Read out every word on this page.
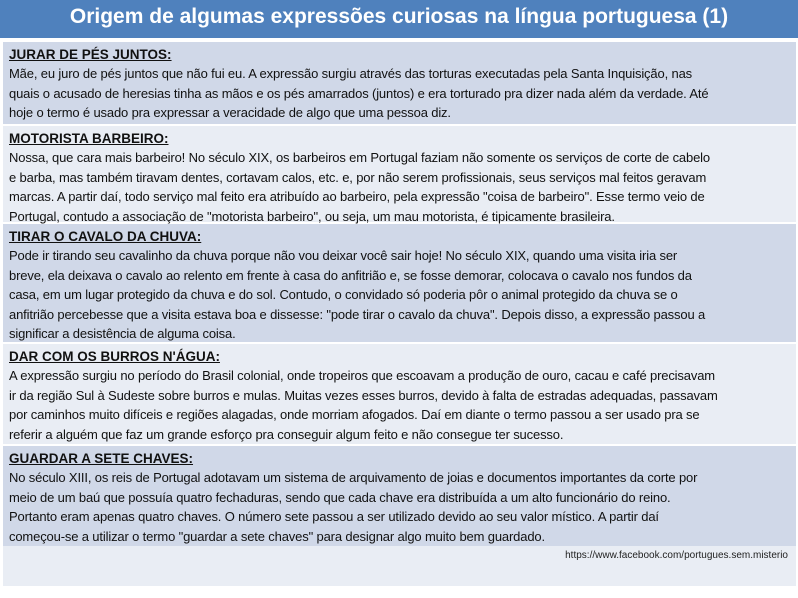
Origem de algumas expressões curiosas na língua portuguesa (1)
JURAR DE PÉS JUNTOS:
Mãe, eu juro de pés juntos que não fui eu. A expressão surgiu através das torturas executadas pela Santa Inquisição, nas
quais o acusado de heresias tinha as mãos e os pés amarrados (juntos) e era torturado pra dizer nada além da verdade. Até
hoje o termo é usado pra expressar a veracidade de algo que uma pessoa diz.
MOTORISTA BARBEIRO:
Nossa, que cara mais barbeiro! No século XIX, os barbeiros em Portugal faziam não somente os serviços de corte de cabelo
e barba, mas também tiravam dentes, cortavam calos, etc. e, por não serem profissionais, seus serviços mal feitos geravam
marcas. A partir daí, todo serviço mal feito era atribuído ao barbeiro, pela expressão "coisa de barbeiro". Esse termo veio de
Portugal, contudo a associação de "motorista barbeiro", ou seja, um mau motorista, é tipicamente brasileira.
TIRAR O CAVALO DA CHUVA:
Pode ir tirando seu cavalinho da chuva porque não vou deixar você sair hoje! No século XIX, quando uma visita iria ser
breve, ela deixava o cavalo ao relento em frente à casa do anfitrião e, se fosse demorar, colocava o cavalo nos fundos da
casa, em um lugar protegido da chuva e do sol. Contudo, o convidado só poderia pôr o animal protegido da chuva se o
anfitrião percebesse que a visita estava boa e dissesse: "pode tirar o cavalo da chuva". Depois disso, a expressão passou a
significar a desistência de alguma coisa.
DAR COM OS BURROS N'ÁGUA:
A expressão surgiu no período do Brasil colonial, onde tropeiros que escoavam a produção de ouro, cacau e café precisavam
ir da região Sul à Sudeste sobre burros e mulas. Muitas vezes esses burros, devido à falta de estradas adequadas, passavam
por caminhos muito difíceis e regiões alagadas, onde morriam afogados. Daí em diante o termo passou a ser usado pra se
referir a alguém que faz um grande esforço pra conseguir algum feito e não consegue ter sucesso.
GUARDAR A SETE CHAVES:
No século XIII, os reis de Portugal adotavam um sistema de arquivamento de joias e documentos importantes da corte por
meio de um baú que possuía quatro fechaduras, sendo que cada chave era distribuída a um alto funcionário do reino.
Portanto eram apenas quatro chaves. O número sete passou a ser utilizado devido ao seu valor místico. A partir daí
começou-se a utilizar o termo "guardar a sete chaves" para designar algo muito bem guardado.
https://www.facebook.com/portugues.sem.misterio
